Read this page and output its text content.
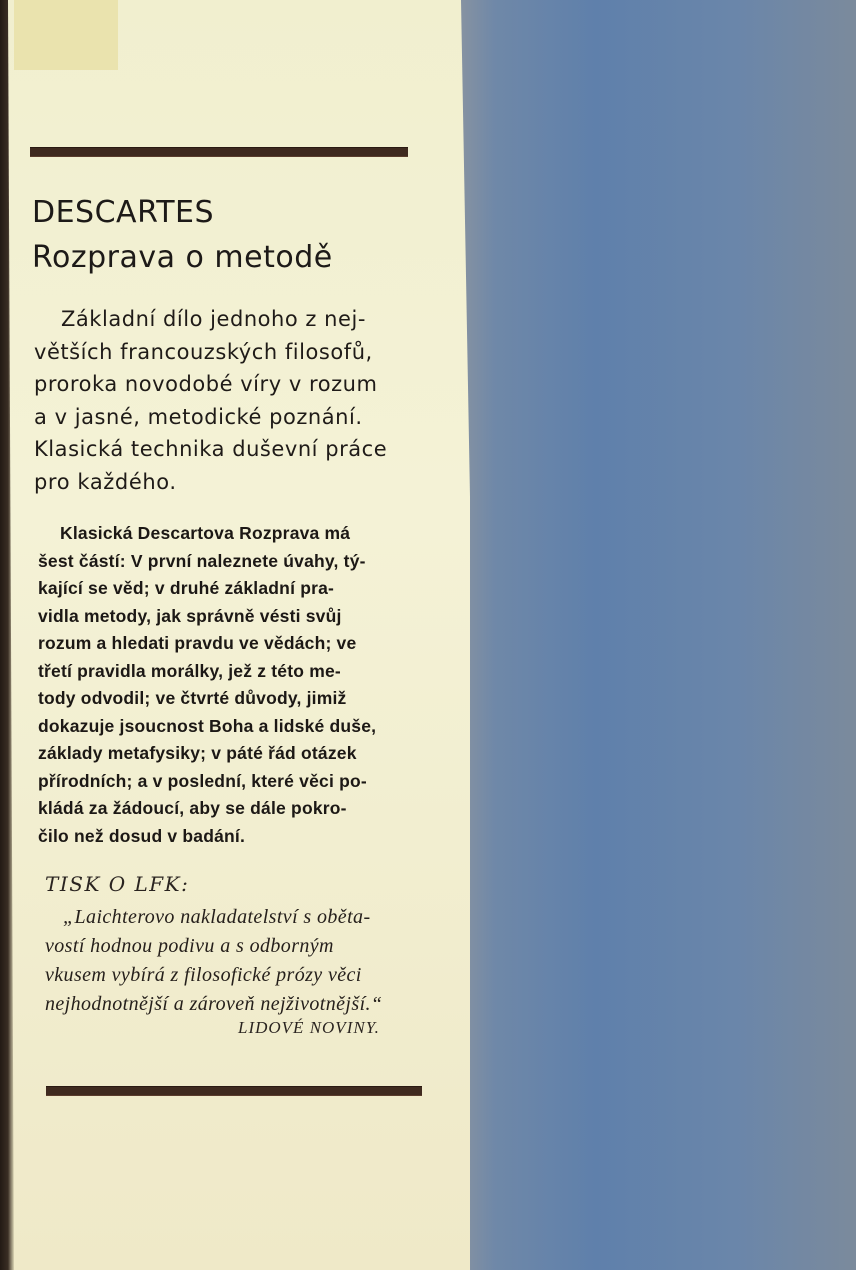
DESCARTES
Rozprava o metodě
Základní dílo jednoho z nej-
větších francouzských filosofů,
proroka novodobé víry v rozum
a v jasné, metodické poznání.
Klasická technika duševní práce
pro každého.
Klasická Descartova Rozprava má
šest částí: V první naleznete úvahy, tý-
kající se věd; v druhé základní pra-
vidla metody, jak správně vésti svůj
rozum a hledati pravdu ve vědách; ve
třetí pravidla morálky, jež z této me-
tody odvodil; ve čtvrté důvody, jimiž
dokazuje jsoucnost Boha a lidské duše,
základy metafysiky; v páté řád otázek
přírodních; a v poslední, které věci po-
kládá za žádoucí, aby se dále pokro-
čilo než dosud v badání.
TISK O LFK:
„Laichterovo nakladatelství s oběta-
vostí hodnou podivu a s odborným
vkusem vybírá z filosofické prózy věci
nejhodnotnější a zároveň nejživotnější.“
LIDOVÉ NOVINY.
